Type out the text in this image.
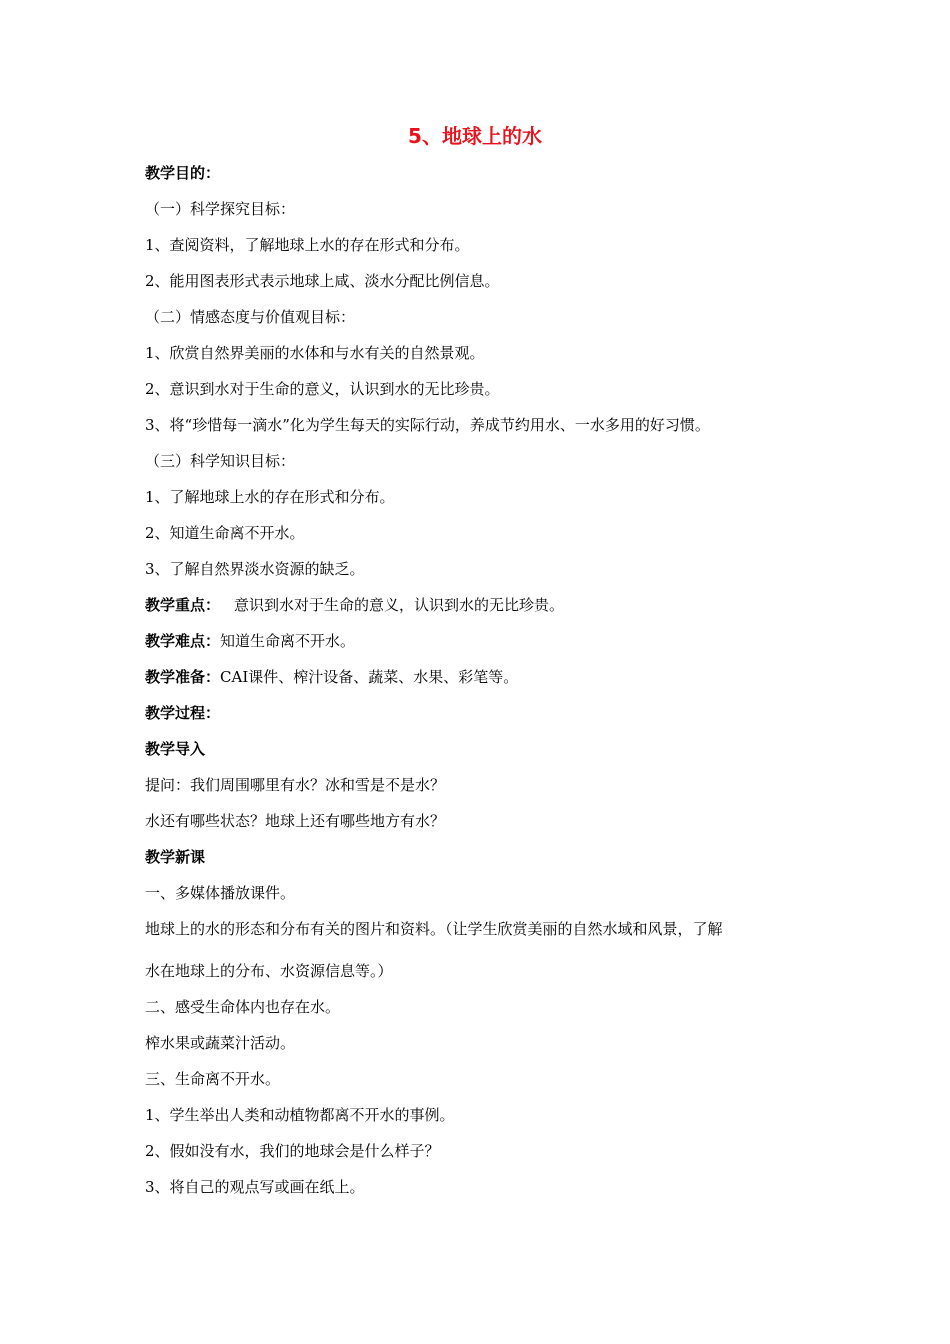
5、地球上的水
教学目的：
（一）科学探究目标：
1、查阅资料，了解地球上水的存在形式和分布。
2、能用图表形式表示地球上咸、淡水分配比例信息。
（二）情感态度与价值观目标：
1、欣赏自然界美丽的水体和与水有关的自然景观。
2、意识到水对于生命的意义，认识到水的无比珍贵。
3、将“珍惜每一滴水”化为学生每天的实际行动，养成节约用水、一水多用的好习惯。
（三）科学知识目标：
1、了解地球上水的存在形式和分布。
2、知道生命离不开水。
3、了解自然界淡水资源的缺乏。
教学重点： 意识到水对于生命的意义，认识到水的无比珍贵。
教学难点：知道生命离不开水。
教学准备：CAI课件、榨汁设备、蔬菜、水果、彩笔等。
教学过程：
教学导入
提问：我们周围哪里有水？冰和雪是不是水？
水还有哪些状态？地球上还有哪些地方有水？
教学新课
一、多媒体播放课件。
地球上的水的形态和分布有关的图片和资料。（让学生欣赏美丽的自然水域和风景，了解
水在地球上的分布、水资源信息等。）
二、感受生命体内也存在水。
榨水果或蔬菜汁活动。
三、生命离不开水。
1、学生举出人类和动植物都离不开水的事例。
2、假如没有水，我们的地球会是什么样子？
3、将自己的观点写或画在纸上。
